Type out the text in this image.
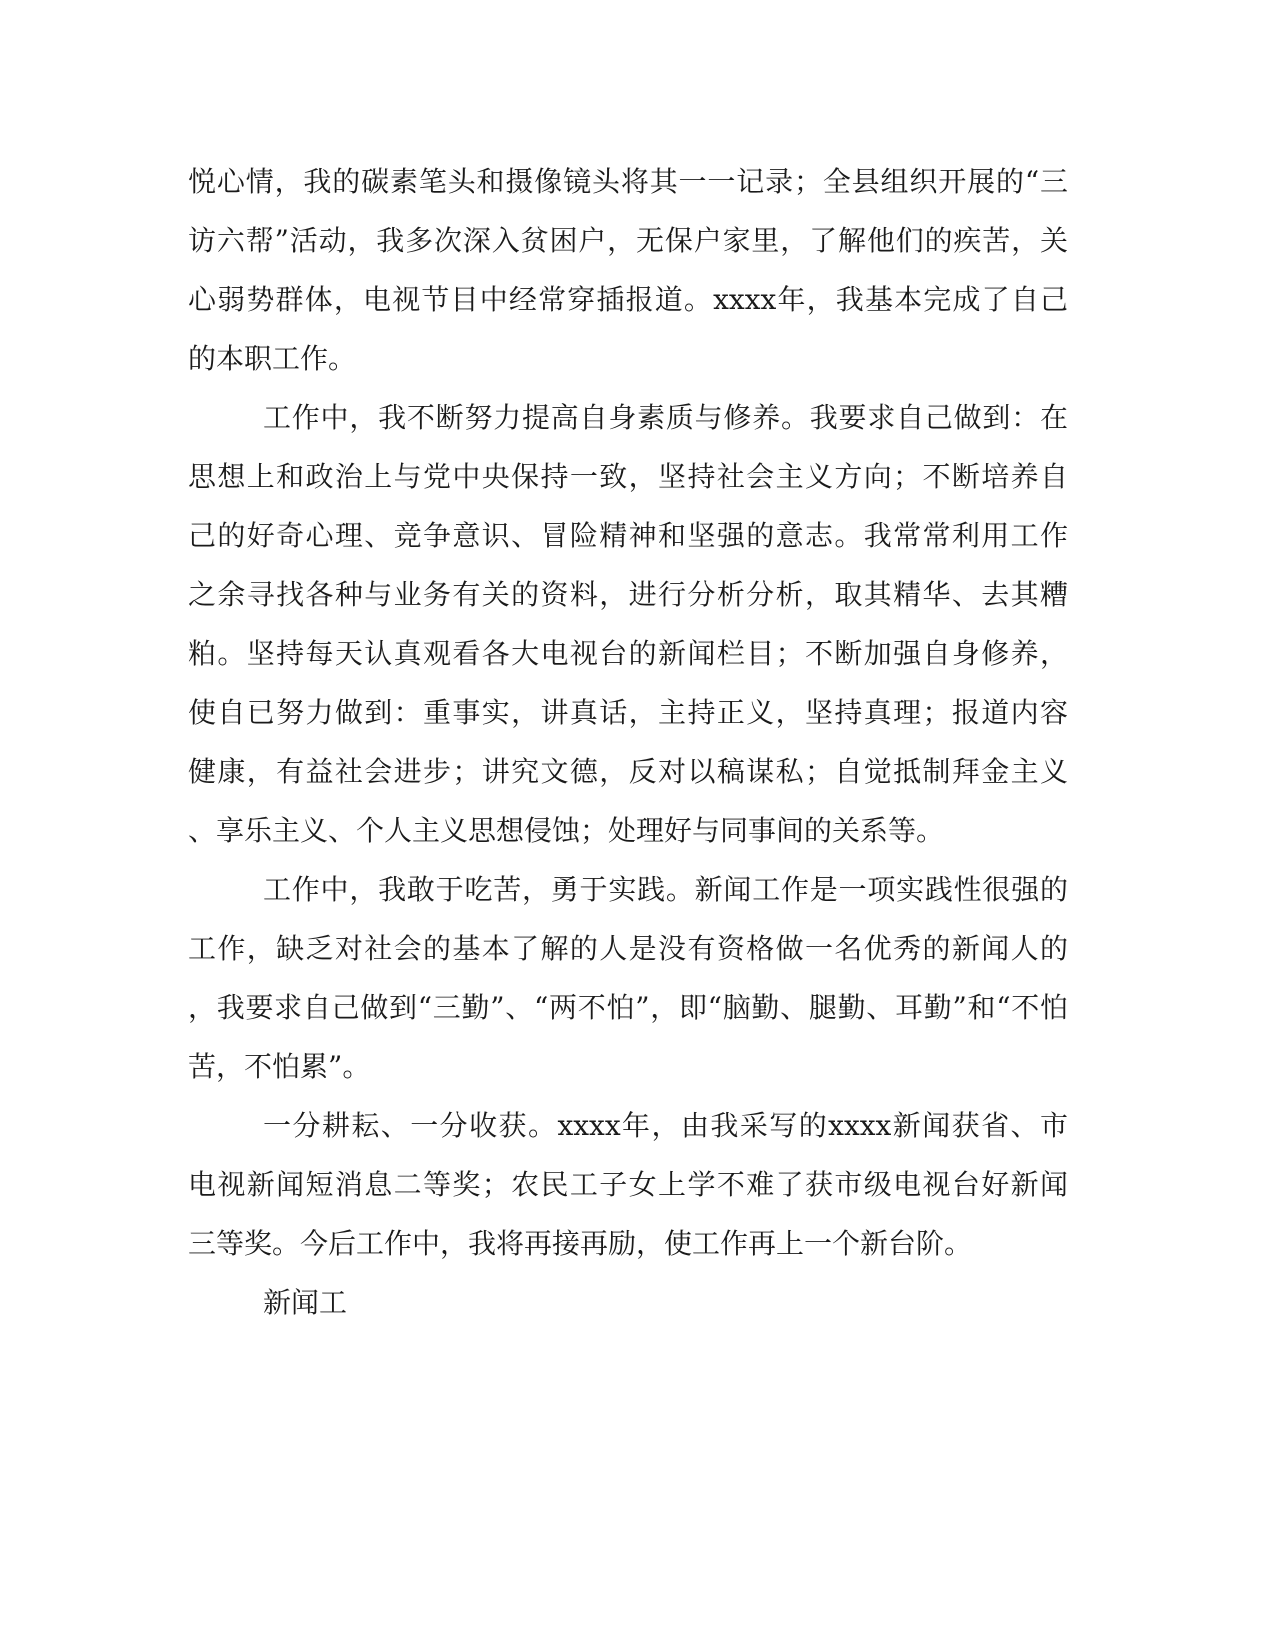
悦心情，我的碳素笔头和摄像镜头将其一一记录；全县组织开展的“三
访六帮”活动，我多次深入贫困户，无保户家里，了解他们的疾苦，关
心弱势群体，电视节目中经常穿插报道。xxxx年，我基本完成了自己
的本职工作。
工作中，我不断努力提高自身素质与修养。我要求自己做到：在
思想上和政治上与党中央保持一致，坚持社会主义方向；不断培养自
己的好奇心理、竞争意识、冒险精神和坚强的意志。我常常利用工作
之余寻找各种与业务有关的资料，进行分析分析，取其精华、去其糟
粕。坚持每天认真观看各大电视台的新闻栏目；不断加强自身修养，
使自已努力做到：重事实，讲真话，主持正义，坚持真理；报道内容
健康，有益社会进步；讲究文德，反对以稿谋私；自觉抵制拜金主义
、享乐主义、个人主义思想侵蚀；处理好与同事间的关系等。
工作中，我敢于吃苦，勇于实践。新闻工作是一项实践性很强的
工作，缺乏对社会的基本了解的人是没有资格做一名优秀的新闻人的
，我要求自己做到“三勤”、“两不怕”，即“脑勤、腿勤、耳勤”和“不怕
苦，不怕累”。
一分耕耘、一分收获。xxxx年，由我采写的xxxx新闻获省、市
电视新闻短消息二等奖；农民工子女上学不难了获市级电视台好新闻
三等奖。今后工作中，我将再接再励，使工作再上一个新台阶。
新闻工
